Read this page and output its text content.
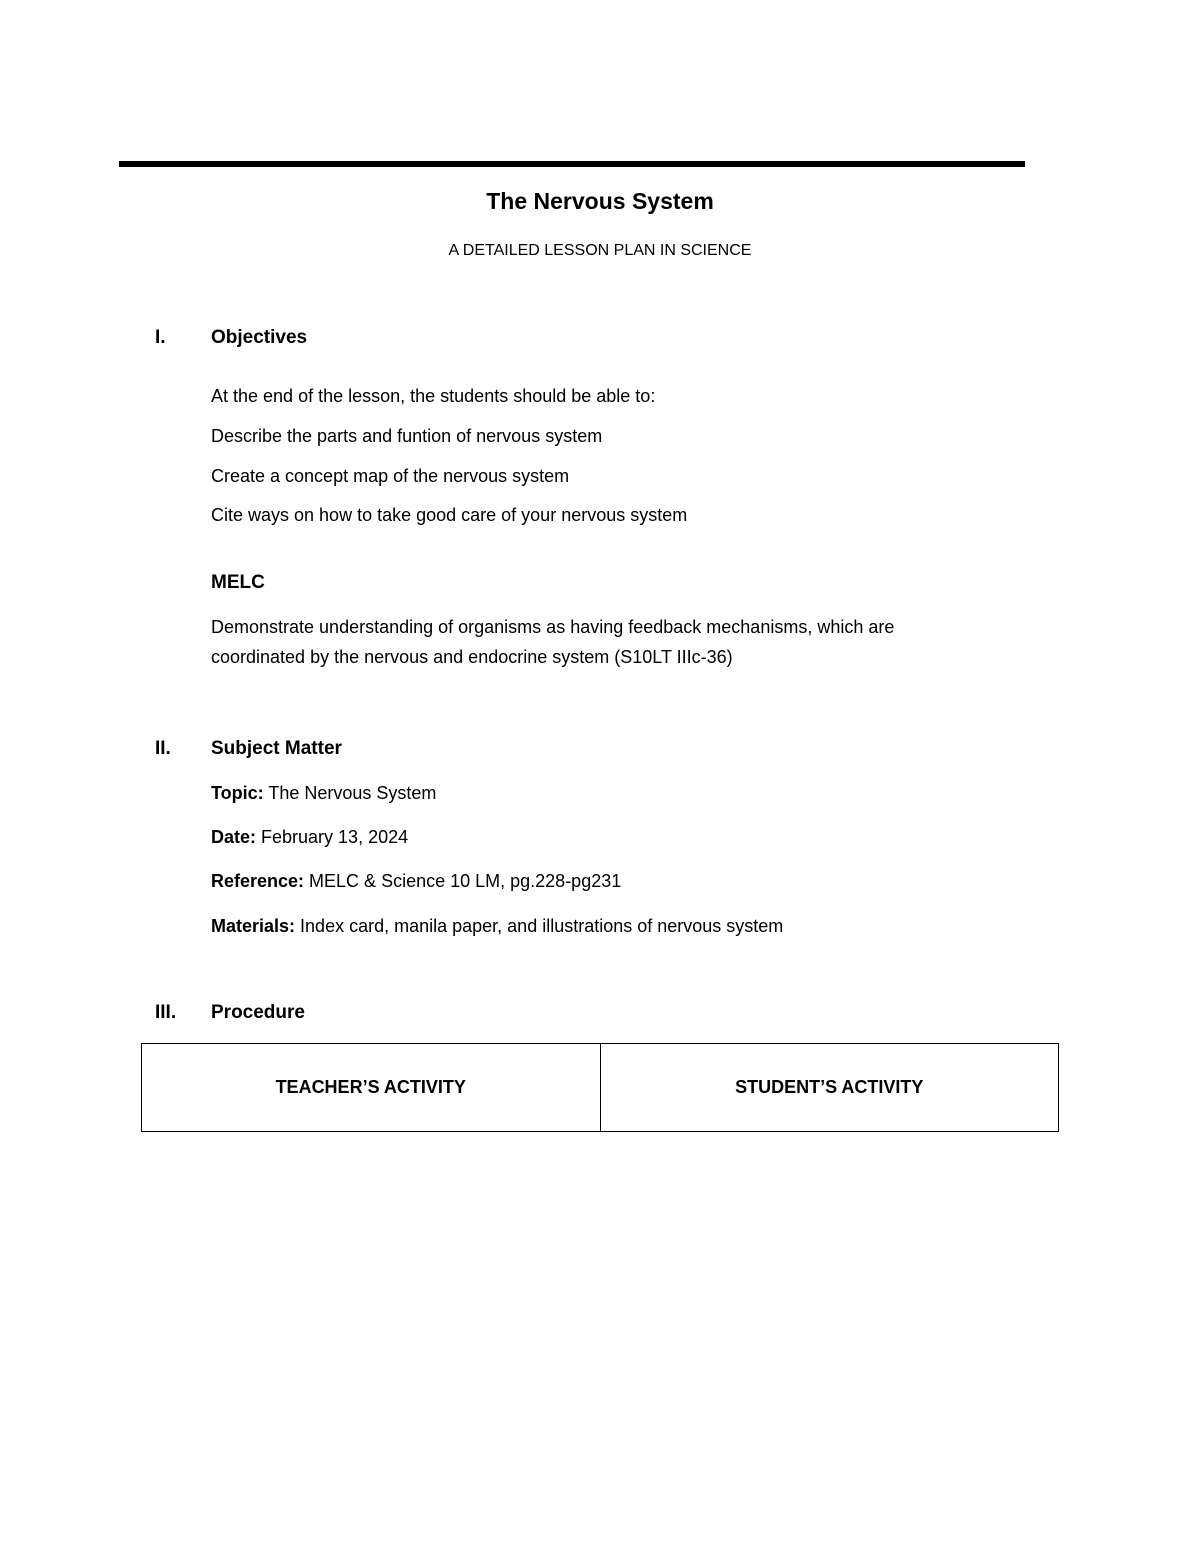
The Nervous System
A DETAILED LESSON PLAN IN SCIENCE
I. Objectives
At the end of the lesson, the students should be able to:
Describe the parts and funtion of nervous system
Create a concept map of the nervous system
Cite ways on how to take good care of your nervous system
MELC
Demonstrate understanding of organisms as having feedback mechanisms, which are
coordinated by the nervous and endocrine system (S10LT IIIc-36)
II. Subject Matter
Topic: The Nervous System
Date: February 13, 2024
Reference: MELC & Science 10 LM, pg.228-pg231
Materials: Index card, manila paper, and illustrations of nervous system
III. Procedure
TEACHER’S ACTIVITY	STUDENT’S ACTIVITY
